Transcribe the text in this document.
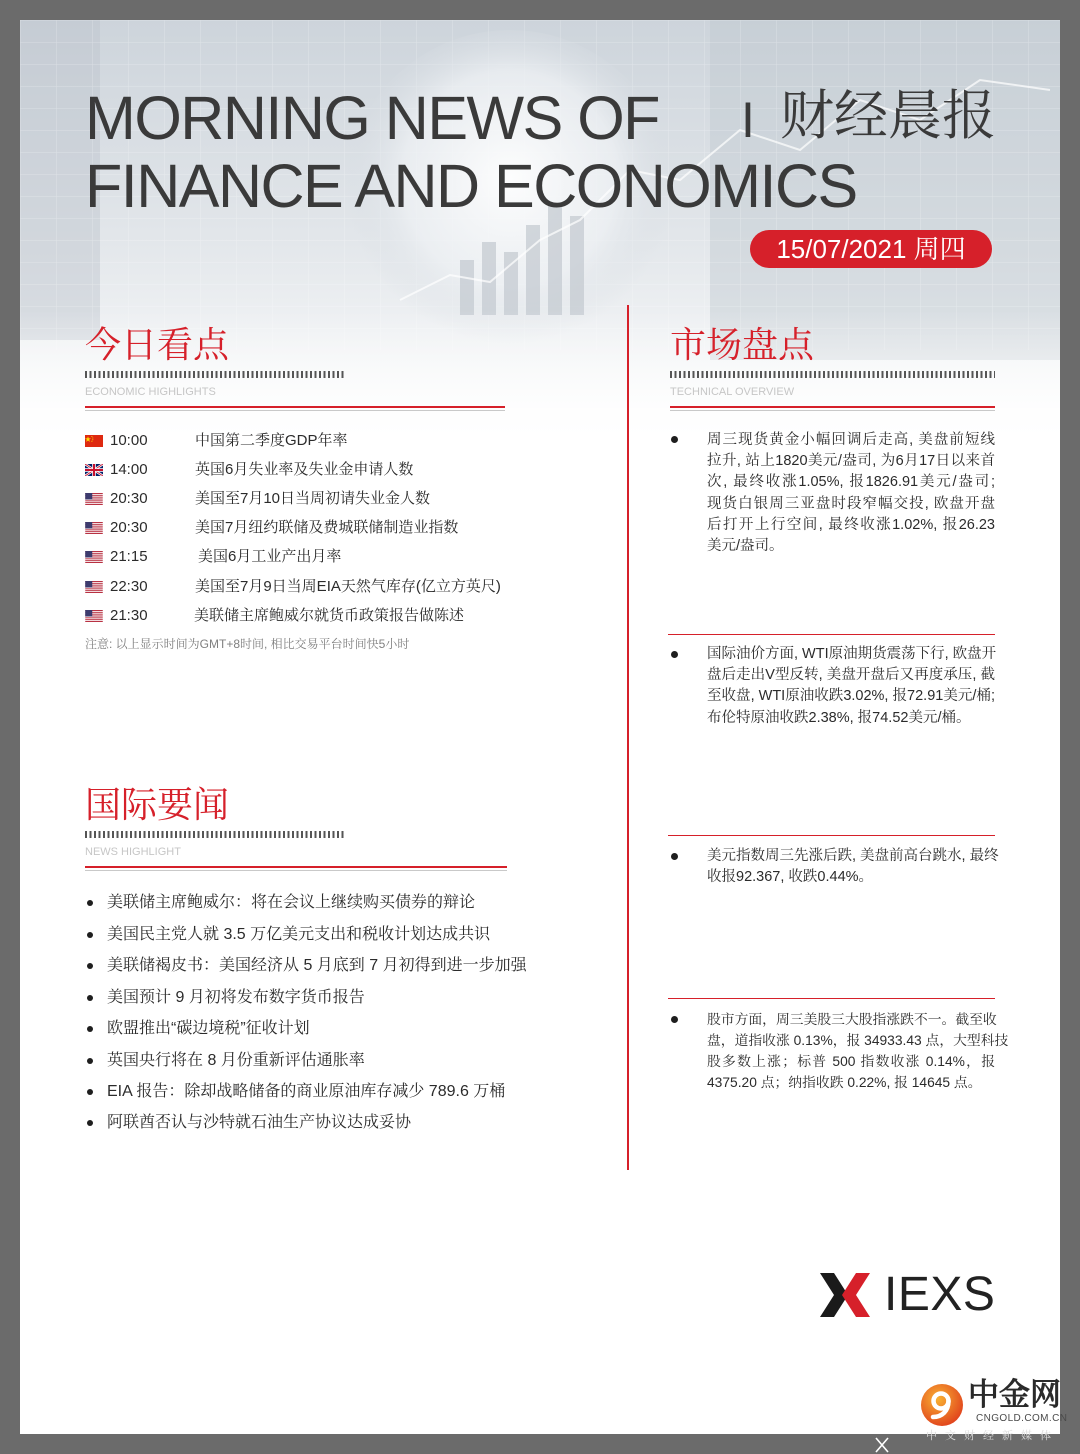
MORNING NEWS OF
FINANCE AND ECONOMICS
I 财经晨报
15/07/2021 周四
今日看点
ECONOMIC HIGHLIGHTS
10:00	中国第二季度GDP年率
14:00	英国6月失业率及失业金申请人数
20:30	美国至7月10日当周初请失业金人数
20:30	美国7月纽约联储及费城联储制造业指数
21:15	美国6月工业产出月率
22:30	美国至7月9日当周EIA天然气库存(亿立方英尺)
21:30	美联储主席鲍威尔就货币政策报告做陈述
注意: 以上显示时间为GMT+8时间, 相比交易平台时间快5小时
国际要闻
NEWS HIGHLIGHT
美联储主席鲍威尔：将在会议上继续购买债券的辩论
美国民主党人就 3.5 万亿美元支出和税收计划达成共识
美联储褐皮书：美国经济从 5 月底到 7 月初得到进一步加强
美国预计 9 月初将发布数字货币报告
欧盟推出“碳边境税”征收计划
英国央行将在 8 月份重新评估通胀率
EIA 报告：除却战略储备的商业原油库存减少 789.6 万桶
阿联酋否认与沙特就石油生产协议达成妥协
市场盘点
TECHNICAL OVERVIEW
周三现货黄金小幅回调后走高, 美盘前短线
拉升, 站上1820美元/盎司, 为6月17日以来首
次, 最终收涨1.05%, 报1826.91美元/盎司;
现货白银周三亚盘时段窄幅交投, 欧盘开盘
后打开上行空间, 最终收涨1.02%, 报26.23
美元/盎司。
国际油价方面, WTI原油期货震荡下行, 欧盘开
盘后走出V型反转, 美盘开盘后又再度承压, 截
至收盘, WTI原油收跌3.02%, 报72.91美元/桶;
布伦特原油收跌2.38%, 报74.52美元/桶。
美元指数周三先涨后跌, 美盘前高台跳水, 最终
收报92.367, 收跌0.44%。
股市方面，周三美股三大股指涨跌不一。截至收
盘，道指收涨 0.13%，报 34933.43 点，大型科技
股多数上涨；标普 500 指数收涨 0.14%，报
4375.20 点；纳指收跌 0.22%, 报 14645 点。
IEXS
中金网
CNGOLD.COM.CN
中文财经新媒体
